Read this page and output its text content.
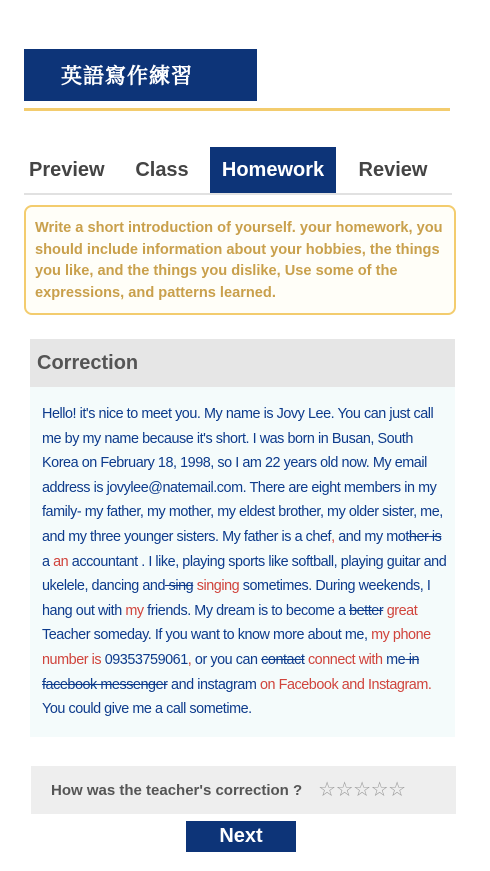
英語寫作練習
Preview	Class	Homework	Review
Write a short introduction of yourself. your homework, you should include information about your hobbies, the things you like, and the things you dislike, Use some of the expressions, and patterns learned.
Correction
Hello! it's nice to meet you. My name is Jovy Lee. You can just call me by my name because it's short. I was born in Busan, South Korea on February 18, 1998, so I am 22 years old now. My email address is jovylee@natemail.com. There are eight members in my family- my father, my mother, my eldest brother, my older sister, me, and my three younger sisters. My father is a chef, and my mother is a an accountant . I like, playing sports like softball, playing guitar and ukelele, dancing and sing singing sometimes. During weekends, I hang out with my friends. My dream is to become a better great Teacher someday. If you want to know more about me, my phone number is 09353759061, or you can contact connect with me in facebook messenger and instagram on Facebook and Instagram. You could give me a call sometime.
How was the teacher's correction ? ☆ ☆ ☆ ☆ ☆
Next
